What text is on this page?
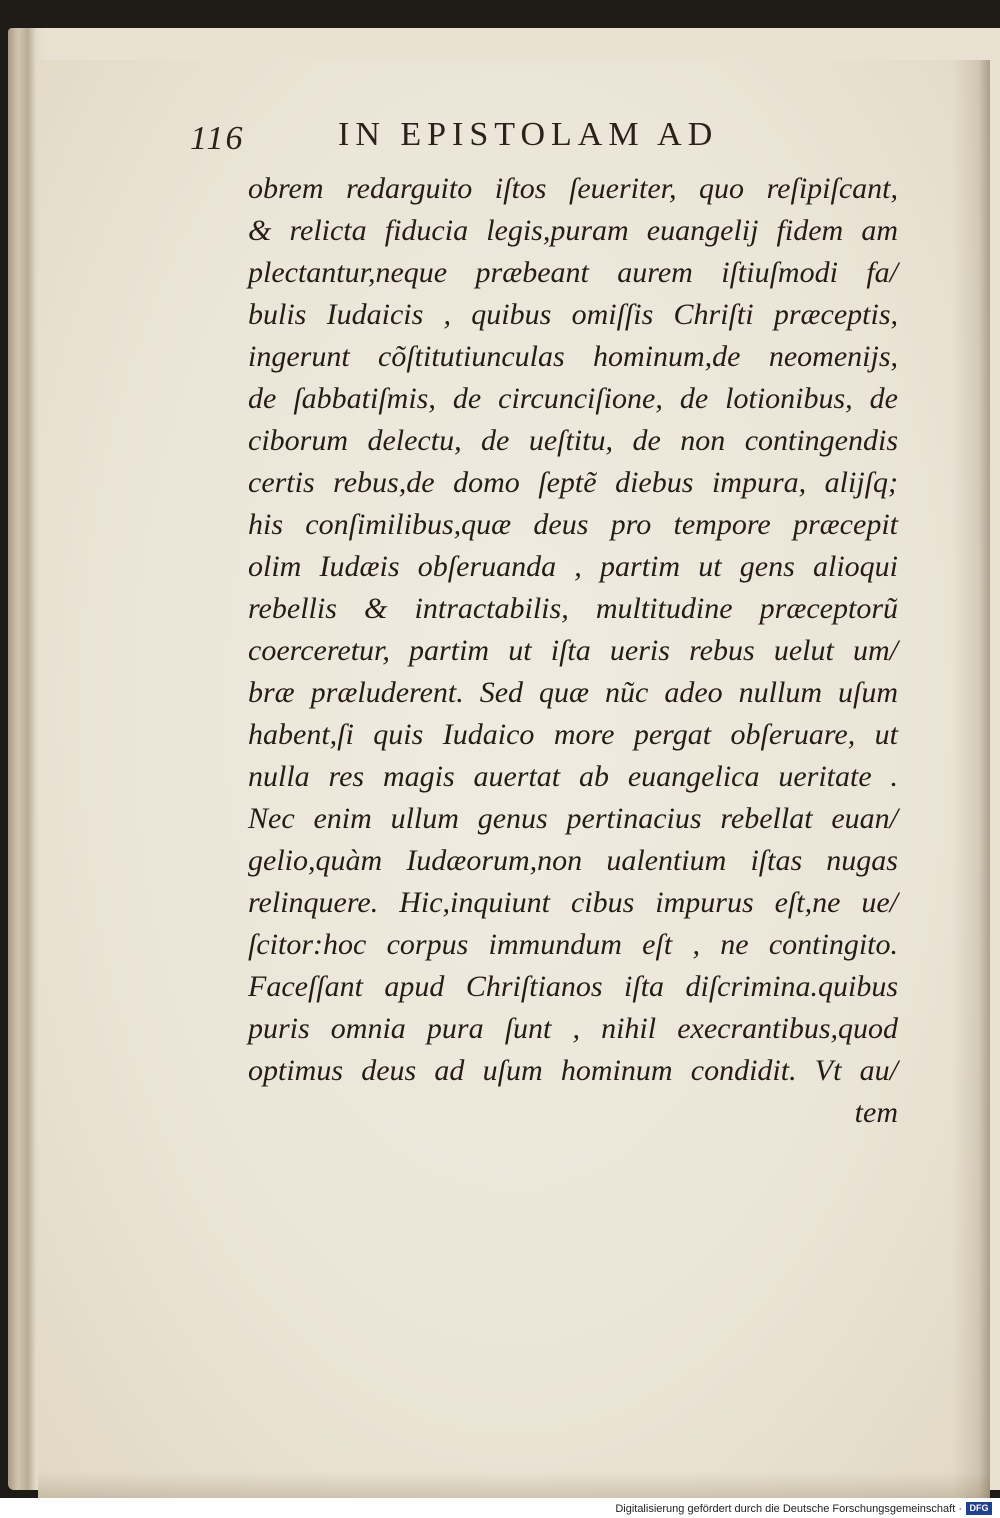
116	IN EPISTOLAM AD
obrem redarguito iſtos ſeueriter, quo reſipiſcant,
& relicta fiducia legis,puram euangelij fidem am
plectantur,neque præbeant aurem iſtiuſmodi fa/
bulis Iudaicis , quibus omiſſis Chriſti præceptis,
ingerunt cõſtitutiunculas hominum,de neomenijs,
de ſabbatiſmis, de circunciſione, de lotionibus, de
ciborum delectu, de ueſtitu, de non contingendis
certis rebus,de domo ſeptẽ diebus impura, alijſq;
his conſimilibus,quæ deus pro tempore præcepit
olim Iudæis obſeruanda , partim ut gens alioqui
rebellis & intractabilis, multitudine præceptorũ
coerceretur, partim ut iſta ueris rebus uelut um/
bræ præluderent. Sed quæ nũc adeo nullum uſum
habent,ſi quis Iudaico more pergat obſeruare, ut
nulla res magis auertat ab euangelica ueritate .
Nec enim ullum genus pertinacius rebellat euan/
gelio,quàm Iudæorum,non ualentium iſtas nugas
relinquere. Hic,inquiunt cibus impurus eſt,ne ue/
ſcitor:hoc corpus immundum eſt , ne contingito.
Faceſſant apud Chriſtianos iſta diſcrimina.quibus
puris omnia pura ſunt , nihil execrantibus,quod
optimus deus ad uſum hominum condidit. Vt au/
tem
Digitalisierung gefördert durch die Deutsche Forschungsgemeinschaft · DFG
